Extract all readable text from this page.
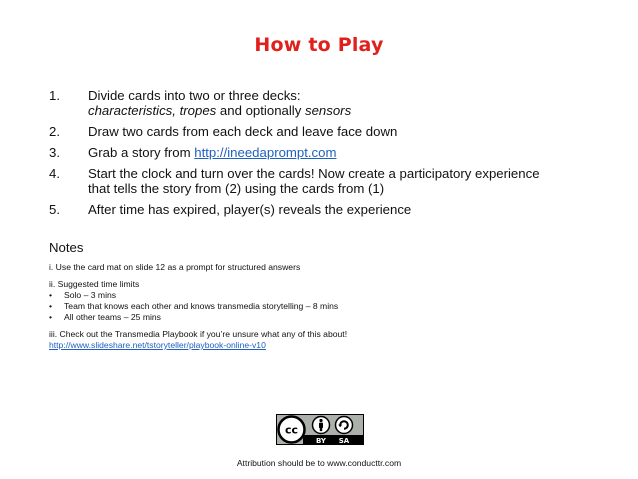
How to Play
1.	Divide cards into two or three decks:
characteristics, tropes and optionally sensors
2.	Draw two cards from each deck and leave face down
3.	Grab a story from http://ineedaprompt.com
4.	Start the clock and turn over the cards! Now create a participatory experience
that tells the story from (2) using the cards from (1)
5.	After time has expired, player(s) reveals the experience
Notes

i. Use the card mat on slide 12 as a prompt for structured answers

ii. Suggested time limits
• Solo – 3 mins
• Team that knows each other and knows transmedia storytelling – 8 mins
• All other teams – 25 mins
iii. Check out the Transmedia Playbook if you’re unsure what any of this about!
http://www.slideshare.net/tstoryteller/playbook-online-v10
cc
BY SA
Attribution should be to www.conducttr.com
